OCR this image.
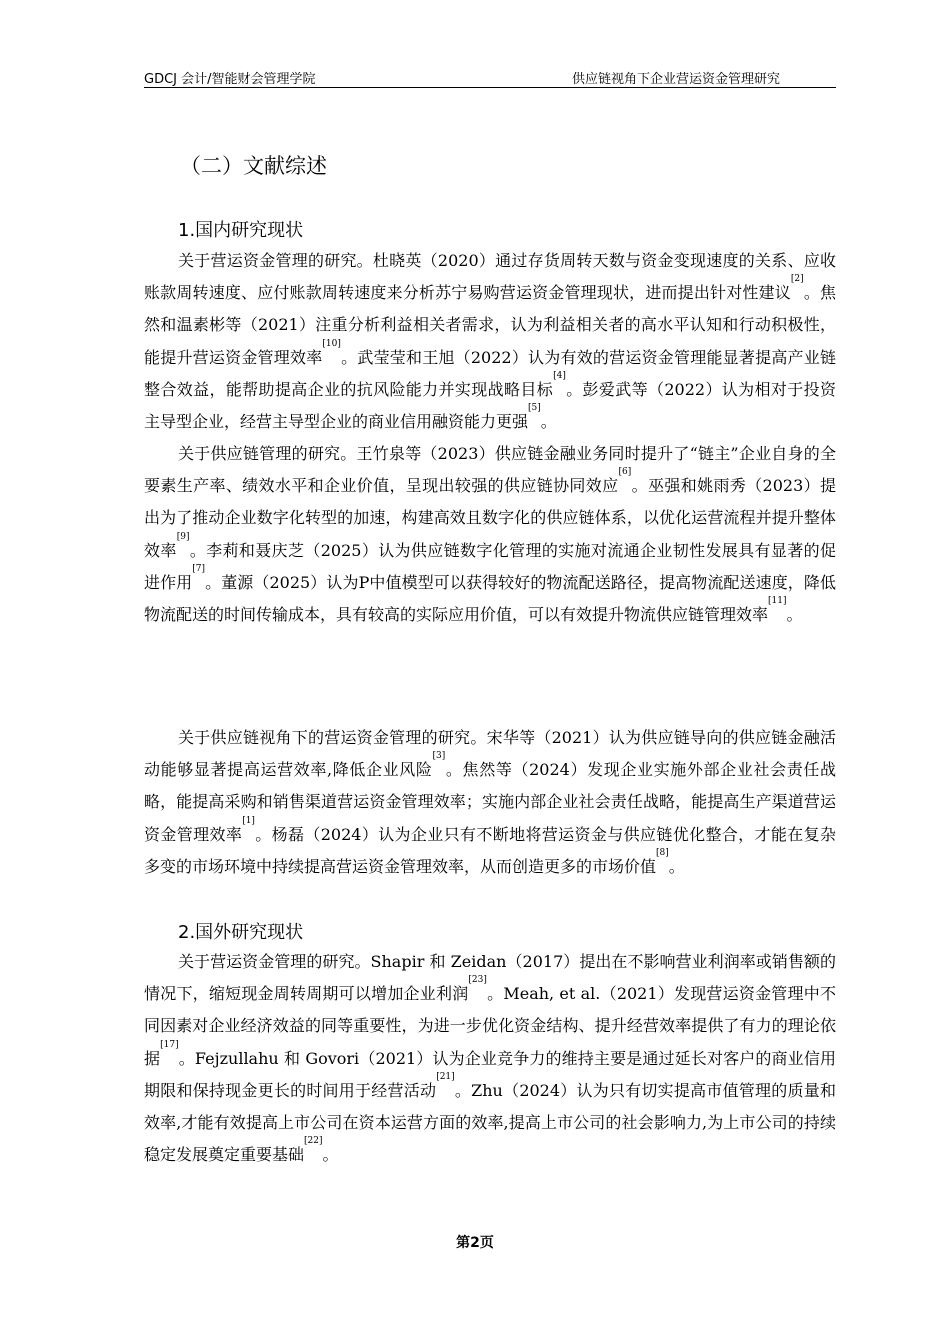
GDCJ 会计/智能财会管理学院	供应链视角下企业营运资金管理研究
（二）文献综述
1.国内研究现状

关于营运资金管理的研究。杜晓英（2020）通过存货周转天数与资金变现速度的关系、应收账款周转速度、应付账款周转速度来分析苏宁易购营运资金管理现状，进而提出针对性建议[2]。焦然和温素彬等（2021）注重分析利益相关者需求，认为利益相关者的高水平认知和行动积极性，能提升营运资金管理效率[10]。武莹莹和王旭（2022）认为有效的营运资金管理能显著提高产业链整合效益，能帮助提高企业的抗风险能力并实现战略目标[4]。彭爱武等（2022）认为相对于投资主导型企业，经营主导型企业的商业信用融资能力更强[5]。

关于供应链管理的研究。王竹泉等（2023）供应链金融业务同时提升了“链主”企业自身的全要素生产率、绩效水平和企业价值，呈现出较强的供应链协同效应[6]。巫强和姚雨秀（2023）提出为了推动企业数字化转型的加速，构建高效且数字化的供应链体系，以优化运营流程并提升整体效率[9]。李莉和聂庆芝（2025）认为供应链数字化管理的实施对流通企业韧性发展具有显著的促进作用[7]。董源（2025）认为P中值模型可以获得较好的物流配送路径，提高物流配送速度，降低物流配送的时间传输成本，具有较高的实际应用价值，可以有效提升物流供应链管理效率[11]。

关于供应链视角下的营运资金管理的研究。宋华等（2021）认为供应链导向的供应链金融活动能够显著提高运营效率,降低企业风险[3]。焦然等（2024）发现企业实施外部企业社会责任战略，能提高采购和销售渠道营运资金管理效率；实施内部企业社会责任战略，能提高生产渠道营运资金管理效率[1]。杨磊（2024）认为企业只有不断地将营运资金与供应链优化整合，才能在复杂多变的市场环境中持续提高营运资金管理效率，从而创造更多的市场价值[8]。

2.国外研究现状

关于营运资金管理的研究。Shapir 和 Zeidan（2017）提出在不影响营业利润率或销售额的情况下，缩短现金周转周期可以增加企业利润[23]。Meah, et al.（2021）发现营运资金管理中不同因素对企业经济效益的同等重要性，为进一步优化资金结构、提升经营效率提供了有力的理论依据[17]。Fejzullahu 和 Govori（2021）认为企业竞争力的维持主要是通过延长对客户的商业信用期限和保持现金更长的时间用于经营活动[21]。Zhu（2024）认为只有切实提高市值管理的质量和效率,才能有效提高上市公司在资本运营方面的效率,提高上市公司的社会影响力,为上市公司的持续稳定发展奠定重要基础[22]。

第2页
